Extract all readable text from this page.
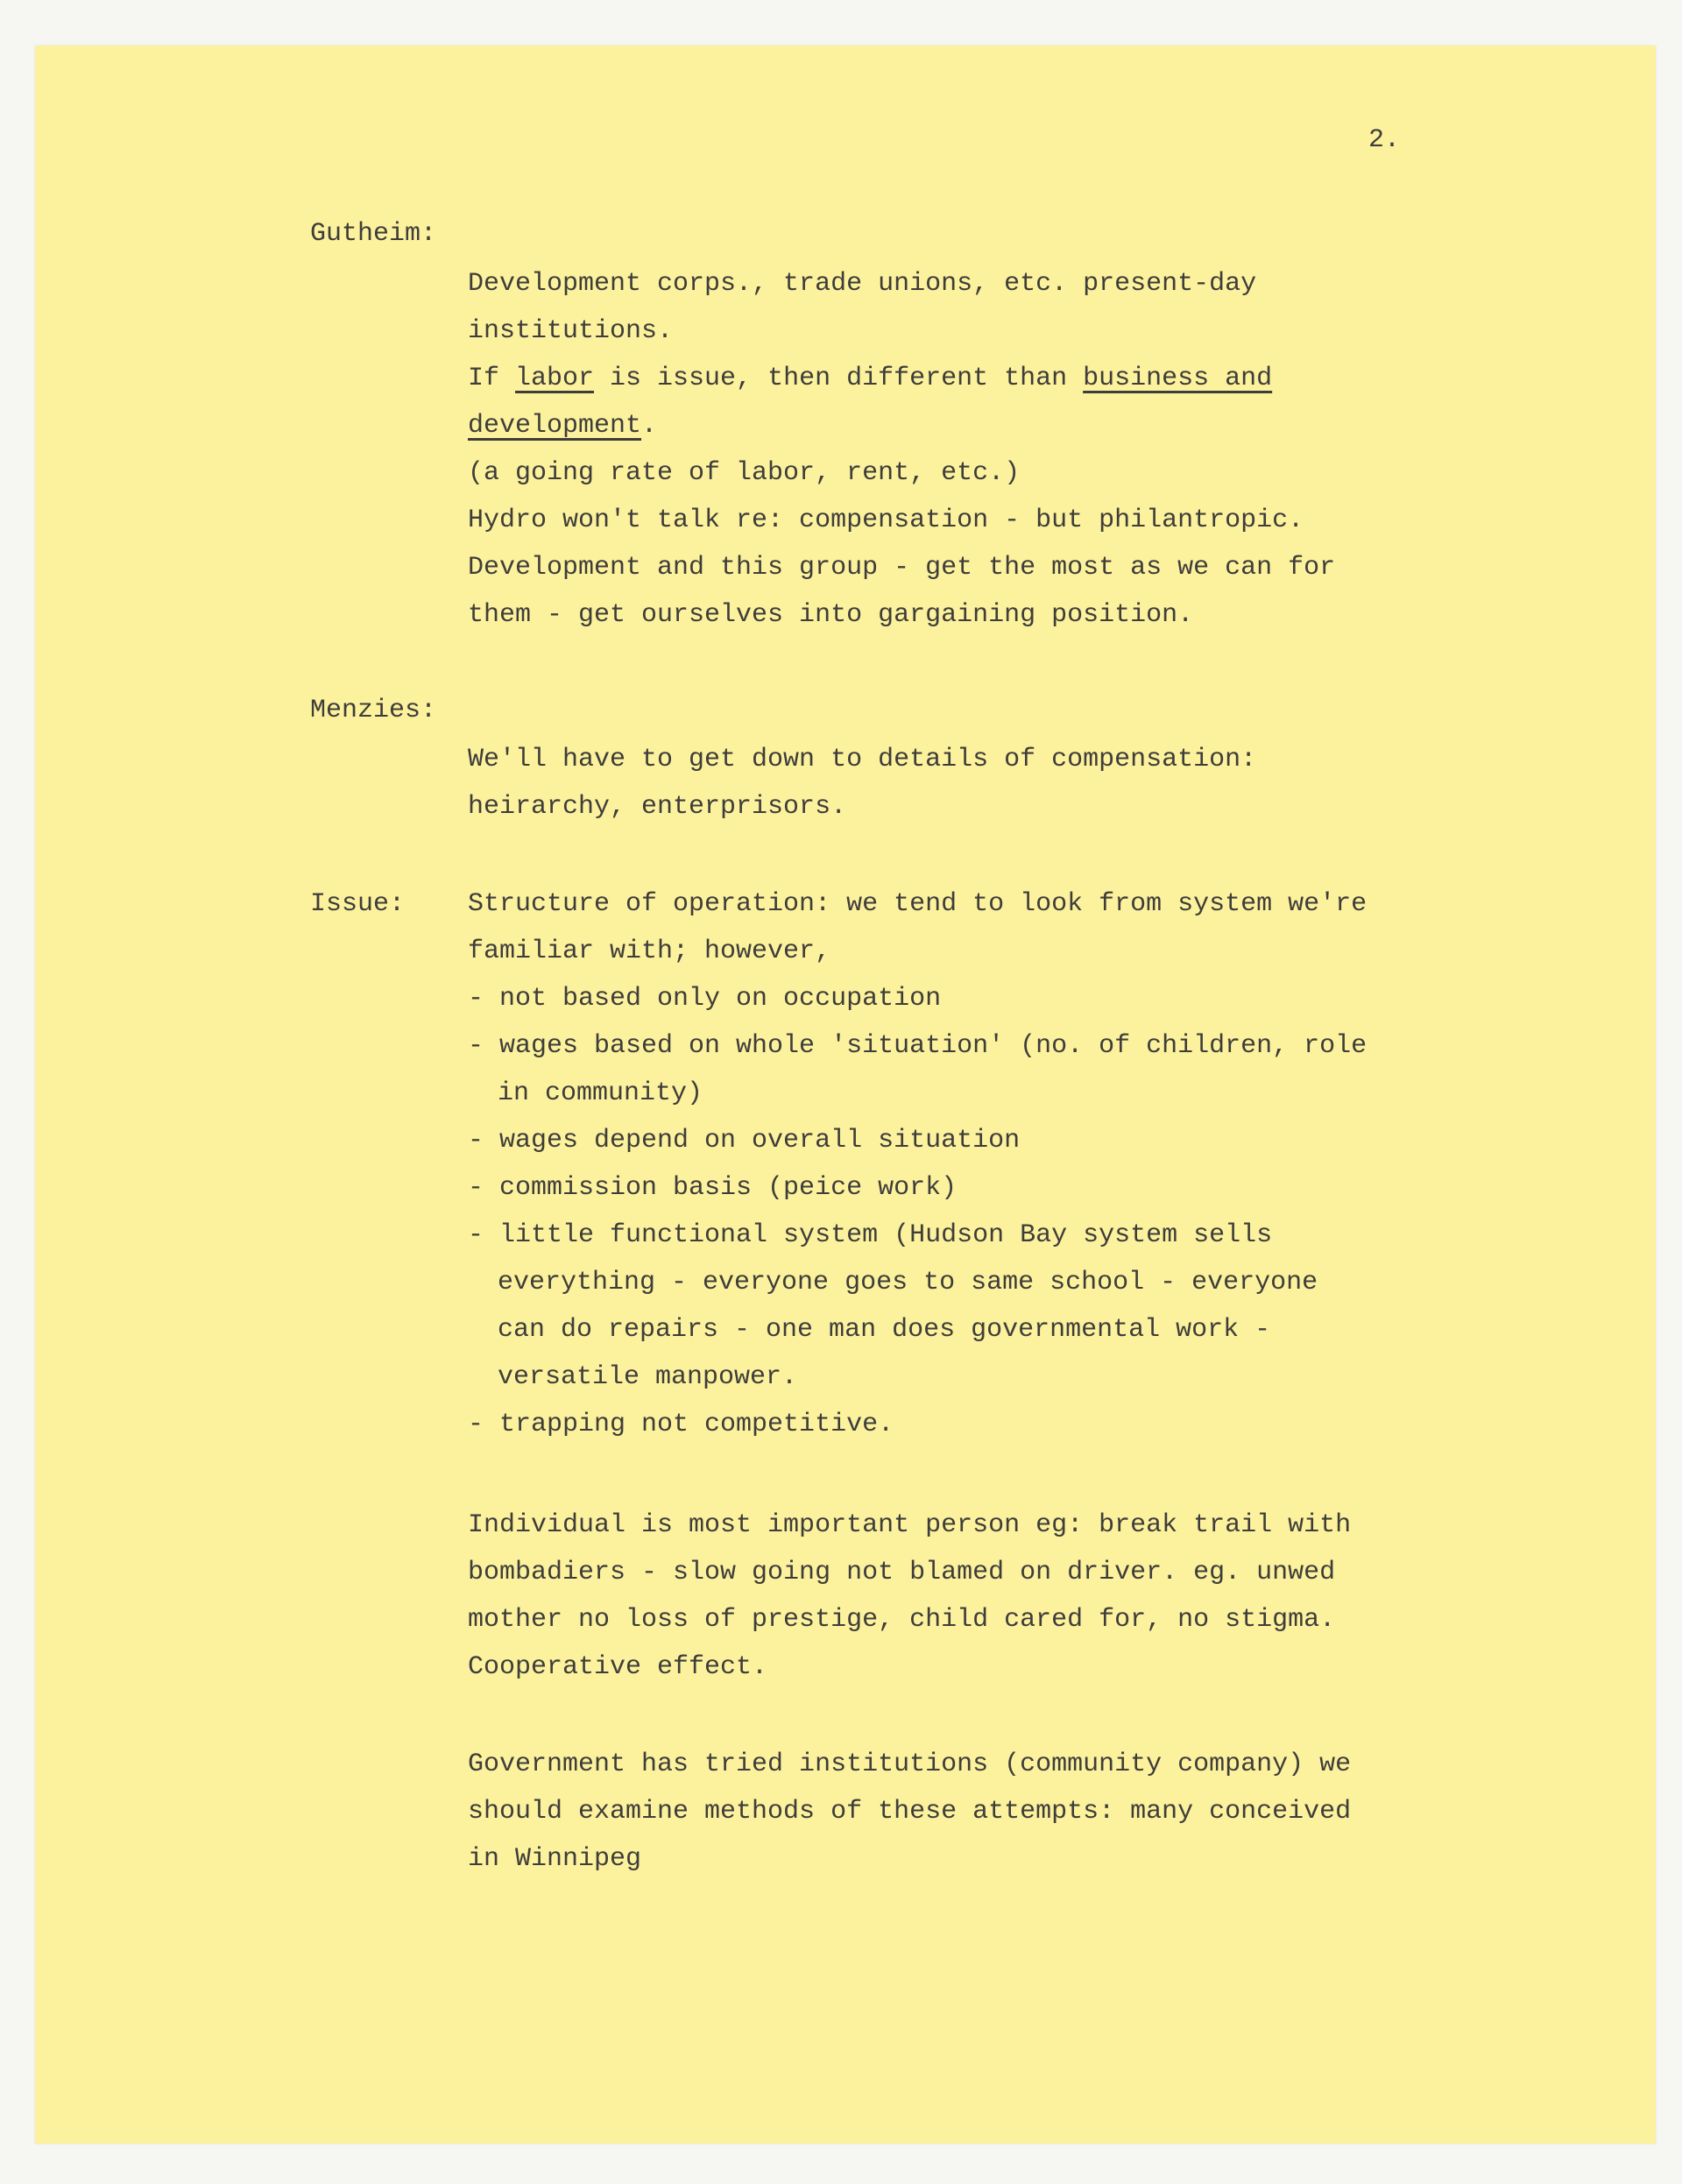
2.
Gutheim:
Development corps., trade unions, etc. present-day
institutions.
If labor is issue, then different than business and
development.
(a going rate of labor, rent, etc.)
Hydro won't talk re: compensation - but philantropic.
Development and this group - get the most as we can for
them - get ourselves into gargaining position.
Menzies:
We'll have to get down to details of compensation:
heirarchy, enterprisors.
Issue: Structure of operation: we tend to look from system we're
familiar with; however,
- not based only on occupation
- wages based on whole 'situation' (no. of children, role
in community)
- wages depend on overall situation
- commission basis (peice work)
- little functional system (Hudson Bay system sells
everything - everyone goes to same school - everyone
can do repairs - one man does governmental work -
versatile manpower.
- trapping not competitive.
Individual is most important person eg: break trail with
bombadiers - slow going not blamed on driver. eg. unwed
mother no loss of prestige, child cared for, no stigma.
Cooperative effect.
Government has tried institutions (community company) we
should examine methods of these attempts: many conceived
in Winnipeg
